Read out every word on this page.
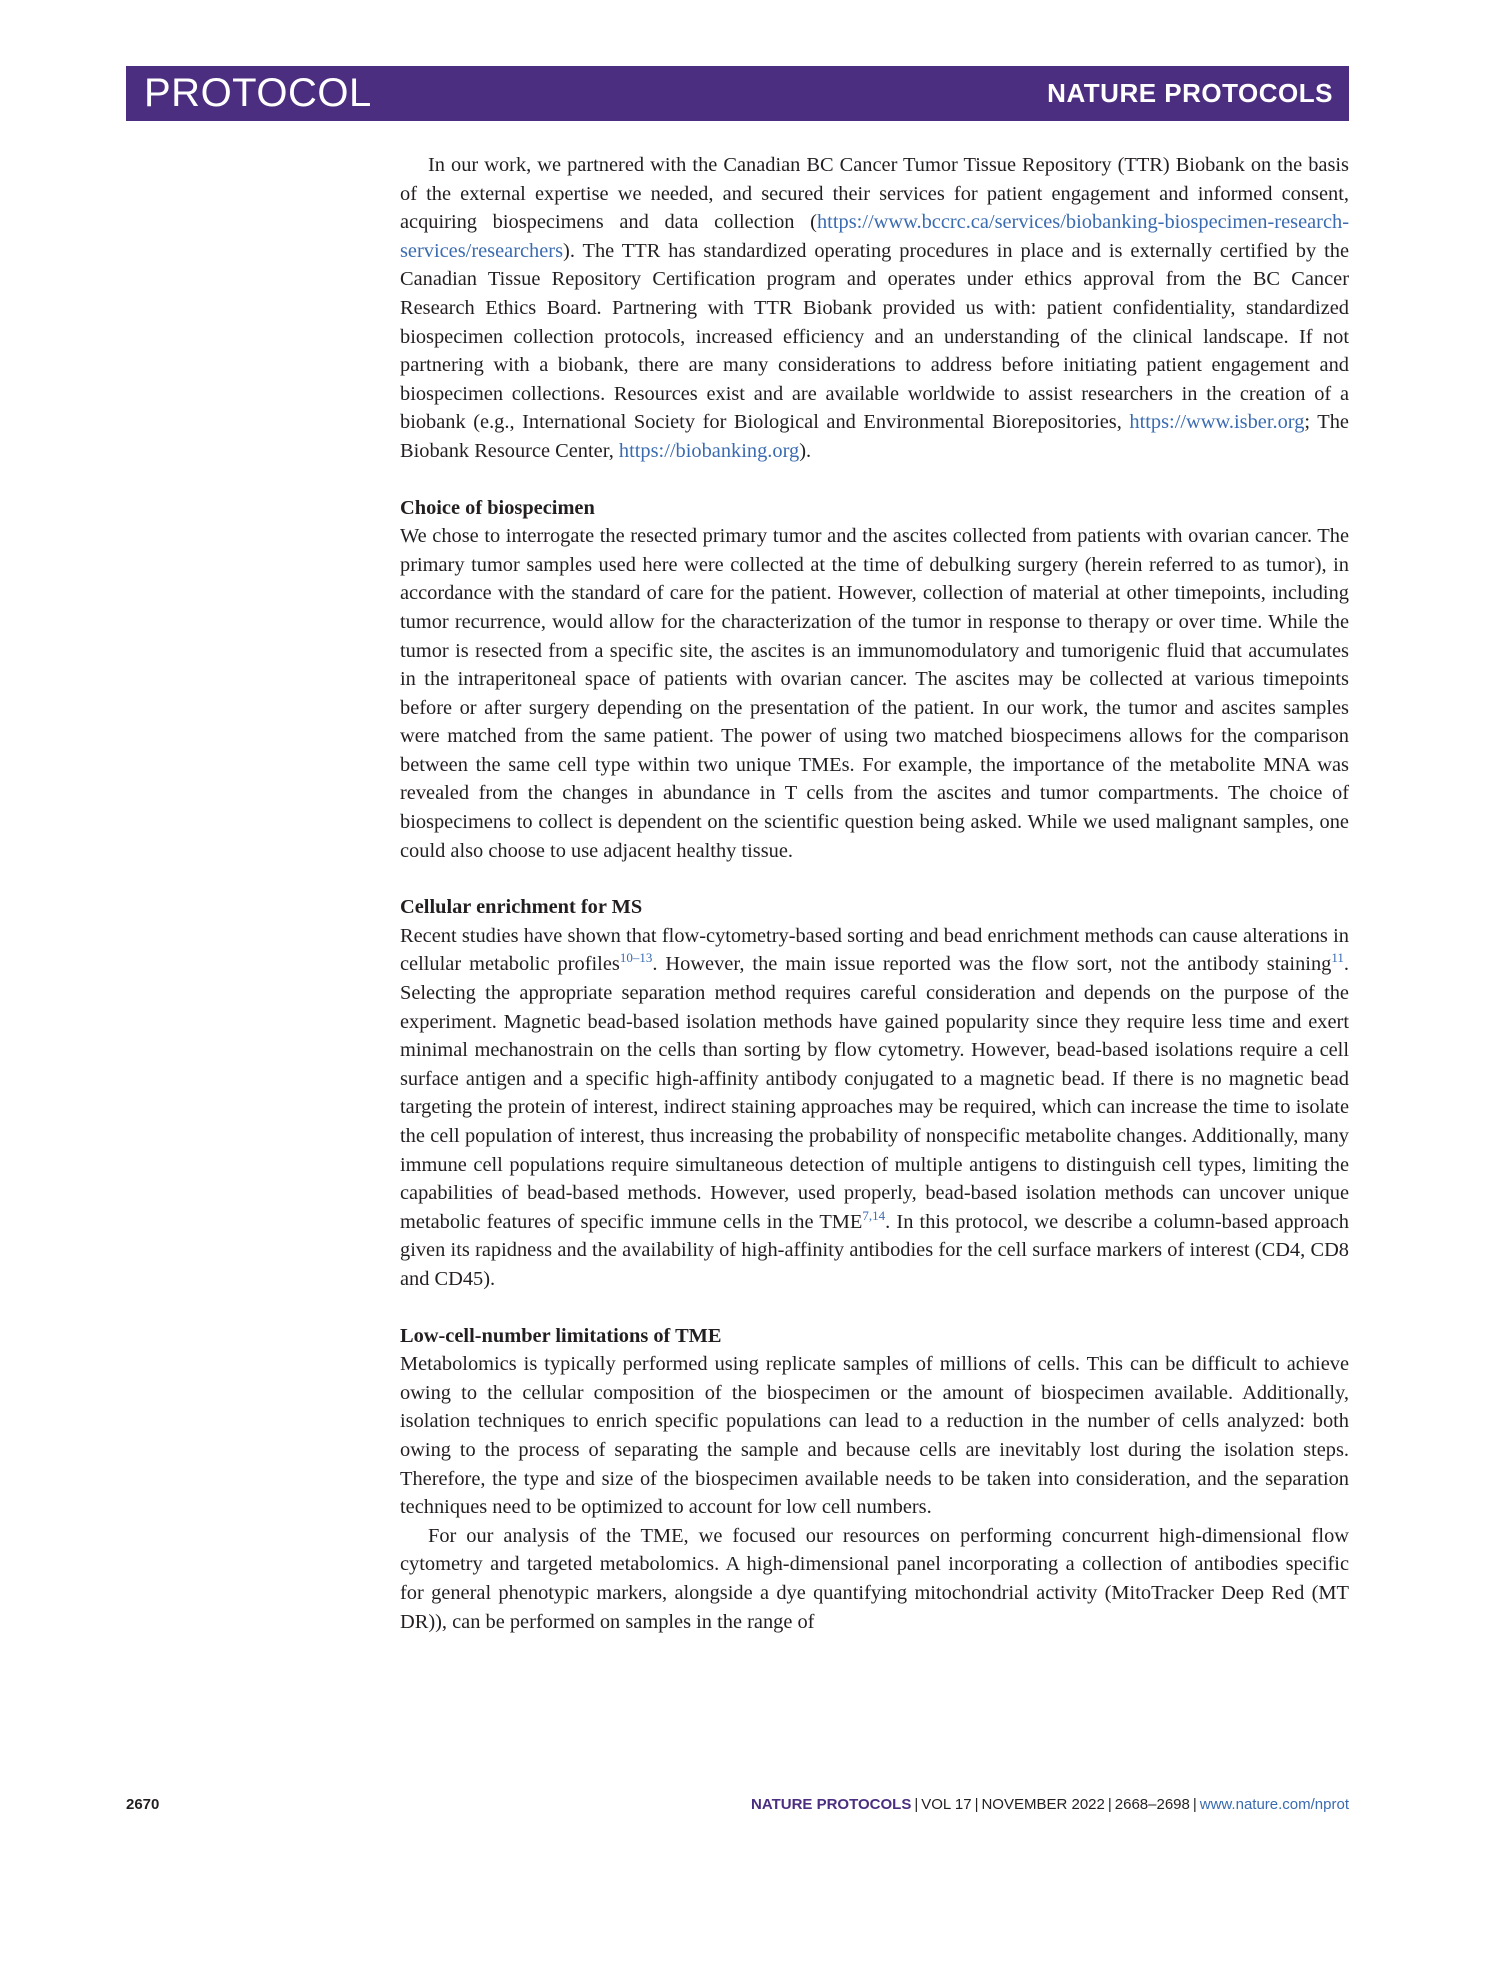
PROTOCOL	NATURE PROTOCOLS

In our work, we partnered with the Canadian BC Cancer Tumor Tissue Repository (TTR) Biobank on the basis of the external expertise we needed, and secured their services for patient engagement and informed consent, acquiring biospecimens and data collection (https://www.bccrc.ca/services/biobanking-biospecimen-research-services/researchers). The TTR has standardized operating procedures in place and is externally certified by the Canadian Tissue Repository Certification program and operates under ethics approval from the BC Cancer Research Ethics Board. Partnering with TTR Biobank provided us with: patient confidentiality, standardized biospecimen collection protocols, increased efficiency and an understanding of the clinical landscape. If not partnering with a biobank, there are many considerations to address before initiating patient engagement and biospecimen collections. Resources exist and are available worldwide to assist researchers in the creation of a biobank (e.g., International Society for Biological and Environmental Biorepositories, https://www.isber.org; The Biobank Resource Center, https://biobanking.org).

Choice of biospecimen

We chose to interrogate the resected primary tumor and the ascites collected from patients with ovarian cancer. The primary tumor samples used here were collected at the time of debulking surgery (herein referred to as tumor), in accordance with the standard of care for the patient. However, collection of material at other timepoints, including tumor recurrence, would allow for the characterization of the tumor in response to therapy or over time. While the tumor is resected from a specific site, the ascites is an immunomodulatory and tumorigenic fluid that accumulates in the intraperitoneal space of patients with ovarian cancer. The ascites may be collected at various timepoints before or after surgery depending on the presentation of the patient. In our work, the tumor and ascites samples were matched from the same patient. The power of using two matched biospecimens allows for the comparison between the same cell type within two unique TMEs. For example, the importance of the metabolite MNA was revealed from the changes in abundance in T cells from the ascites and tumor compartments. The choice of biospecimens to collect is dependent on the scientific question being asked. While we used malignant samples, one could also choose to use adjacent healthy tissue.

Cellular enrichment for MS

Recent studies have shown that flow-cytometry-based sorting and bead enrichment methods can cause alterations in cellular metabolic profiles$^{10-13}$. However, the main issue reported was the flow sort, not the antibody staining$^{11}$. Selecting the appropriate separation method requires careful consideration and depends on the purpose of the experiment. Magnetic bead-based isolation methods have gained popularity since they require less time and exert minimal mechanostrain on the cells than sorting by flow cytometry. However, bead-based isolations require a cell surface antigen and a specific high-affinity antibody conjugated to a magnetic bead. If there is no magnetic bead targeting the protein of interest, indirect staining approaches may be required, which can increase the time to isolate the cell population of interest, thus increasing the probability of nonspecific metabolite changes. Additionally, many immune cell populations require simultaneous detection of multiple antigens to distinguish cell types, limiting the capabilities of bead-based methods. However, used properly, bead-based isolation methods can uncover unique metabolic features of specific immune cells in the TME$^{7,14}$. In this protocol, we describe a column-based approach given its rapidness and the availability of high-affinity antibodies for the cell surface markers of interest (CD4, CD8 and CD45).

Low-cell-number limitations of TME

Metabolomics is typically performed using replicate samples of millions of cells. This can be difficult to achieve owing to the cellular composition of the biospecimen or the amount of biospecimen available. Additionally, isolation techniques to enrich specific populations can lead to a reduction in the number of cells analyzed: both owing to the process of separating the sample and because cells are inevitably lost during the isolation steps. Therefore, the type and size of the biospecimen available needs to be taken into consideration, and the separation techniques need to be optimized to account for low cell numbers.

For our analysis of the TME, we focused our resources on performing concurrent high-dimensional flow cytometry and targeted metabolomics. A high-dimensional panel incorporating a collection of antibodies specific for general phenotypic markers, alongside a dye quantifying mitochondrial activity (MitoTracker Deep Red (MT DR)), can be performed on samples in the range of

2670	NATURE PROTOCOLS | VOL 17 | NOVEMBER 2022 | 2668–2698 | www.nature.com/nprot
